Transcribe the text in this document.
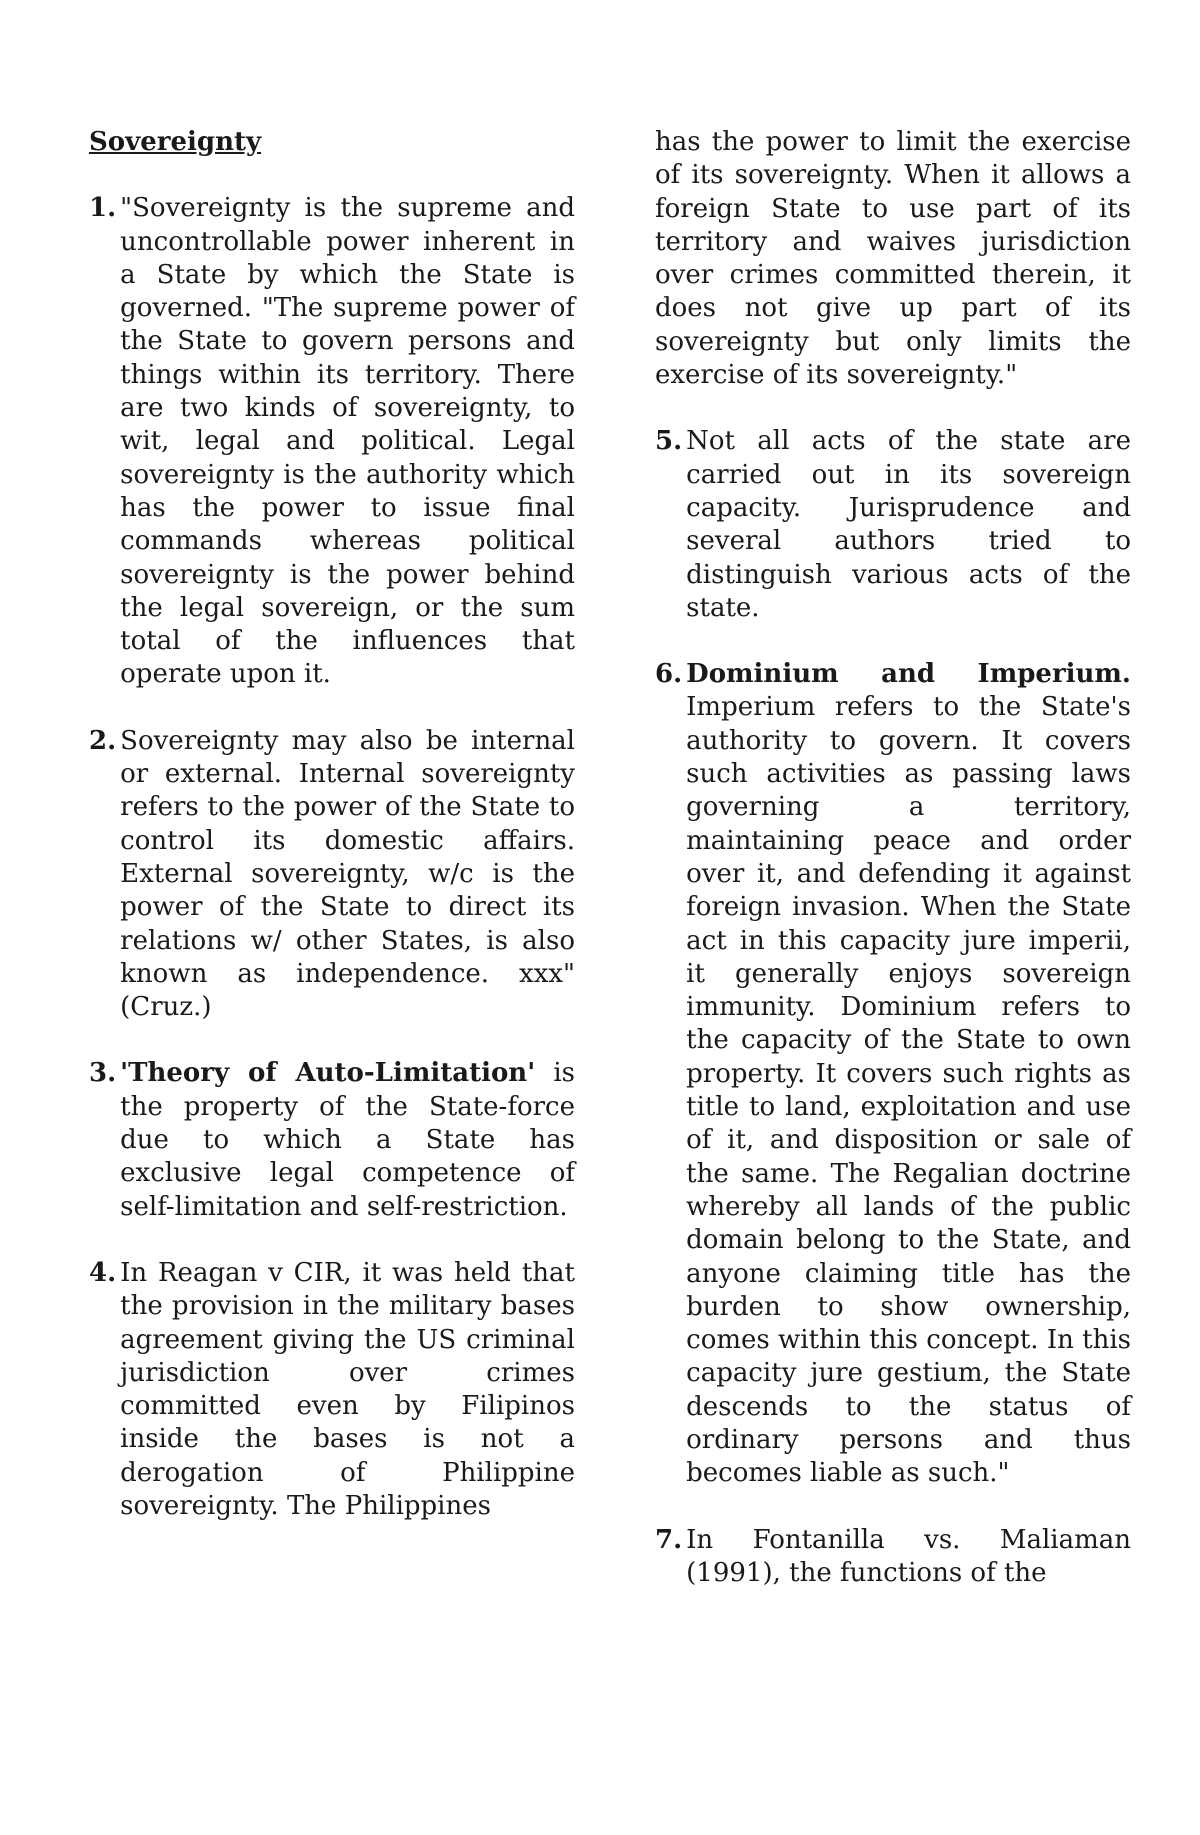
Sovereignty

1. "Sovereignty is the supreme and uncontrollable power inherent in a State by which the State is governed. "The supreme power of the State to govern persons and things within its territory. There are two kinds of sovereignty, to wit, legal and political. Legal sovereignty is the authority which has the power to issue final commands whereas political sovereignty is the power behind the legal sovereign, or the sum total of the influences that operate upon it.
2. Sovereignty may also be internal or external. Internal sovereignty refers to the power of the State to control its domestic affairs. External sovereignty, w/c is the power of the State to direct its relations w/ other States, is also known as independence. xxx" (Cruz.)
3. 'Theory of Auto-Limitation' is the property of the State-force due to which a State has exclusive legal competence of self-limitation and self-restriction.
4. In Reagan v CIR, it was held that the provision in the military bases agreement giving the US criminal jurisdiction over crimes committed even by Filipinos inside the bases is not a derogation of Philippine sovereignty. The Philippines

has the power to limit the exercise of its sovereignty. When it allows a foreign State to use part of its territory and waives jurisdiction over crimes committed therein, it does not give up part of its sovereignty but only limits the exercise of its sovereignty."

5. Not all acts of the state are carried out in its sovereign capacity. Jurisprudence and several authors tried to distinguish various acts of the state.
6. Dominium and Imperium. Imperium refers to the State's authority to govern. It covers such activities as passing laws governing a territory, maintaining peace and order over it, and defending it against foreign invasion. When the State act in this capacity jure imperii, it generally enjoys sovereign immunity. Dominium refers to the capacity of the State to own property. It covers such rights as title to land, exploitation and use of it, and disposition or sale of the same. The Regalian doctrine whereby all lands of the public domain belong to the State, and anyone claiming title has the burden to show ownership, comes within this concept. In this capacity jure gestium, the State descends to the status of ordinary persons and thus becomes liable as such."
7. In Fontanilla vs. Maliaman (1991), the functions of the
